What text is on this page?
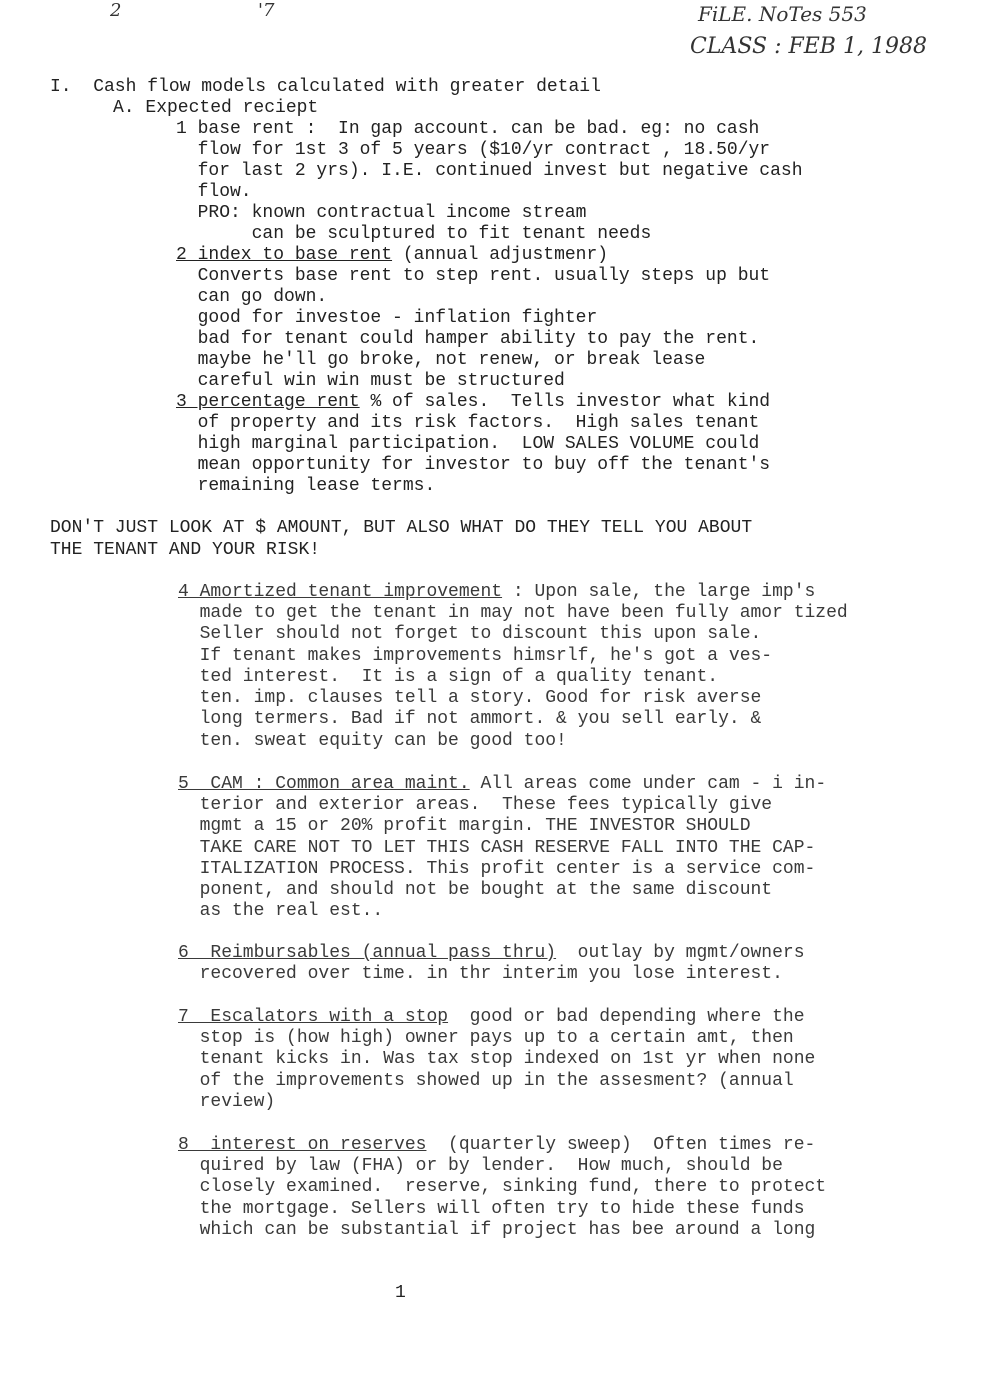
2	'7	FiLE. NoTes 553
CLASS : FEB 1, 1988
I.  Cash flow models calculated with greater detail
A. Expected reciept
1 base rent :  In gap account. can be bad. eg: no cash
flow for 1st 3 of 5 years ($10/yr contract , 18.50/yr
for last 2 yrs). I.E. continued invest but negative cash
flow.
PRO: known contractual income stream
can be sculptured to fit tenant needs
2 index to base rent (annual adjustmenr)
Converts base rent to step rent. usually steps up but
can go down.
good for investoe - inflation fighter
bad for tenant could hamper ability to pay the rent.
maybe he'll go broke, not renew, or break lease
careful win win must be structured
3 percentage rent % of sales.  Tells investor what kind
of property and its risk factors.  High sales tenant
high marginal participation.  LOW SALES VOLUME could
mean opportunity for investor to buy off the tenant's
remaining lease terms.
DON'T JUST LOOK AT $ AMOUNT, BUT ALSO WHAT DO THEY TELL YOU ABOUT
THE TENANT AND YOUR RISK!
4 Amortized tenant improvement : Upon sale, the large imp's
made to get the tenant in may not have been fully amor tized
Seller should not forget to discount this upon sale.
If tenant makes improvements himsrlf, he's got a ves-
ted interest.  It is a sign of a quality tenant.
ten. imp. clauses tell a story. Good for risk averse
long termers. Bad if not ammort. & you sell early. &
ten. sweat equity can be good too!
5  CAM : Common area maint. All areas come under cam - i in-
terior and exterior areas.  These fees typically give
mgmt a 15 or 20% profit margin. THE INVESTOR SHOULD
TAKE CARE NOT TO LET THIS CASH RESERVE FALL INTO THE CAP-
ITALIZATION PROCESS. This profit center is a service com-
ponent, and should not be bought at the same discount
as the real est..
6  Reimbursables (annual pass thru)  outlay by mgmt/owners
recovered over time. in thr interim you lose interest.
7  Escalators with a stop  good or bad depending where the
stop is (how high) owner pays up to a certain amt, then
tenant kicks in. Was tax stop indexed on 1st yr when none
of the improvements showed up in the assesment? (annual
review)
8  interest on reserves  (quarterly sweep)  Often times re-
quired by law (FHA) or by lender.  How much, should be
closely examined.  reserve, sinking fund, there to protect
the mortgage. Sellers will often try to hide these funds
which can be substantial if project has bee around a long
1
